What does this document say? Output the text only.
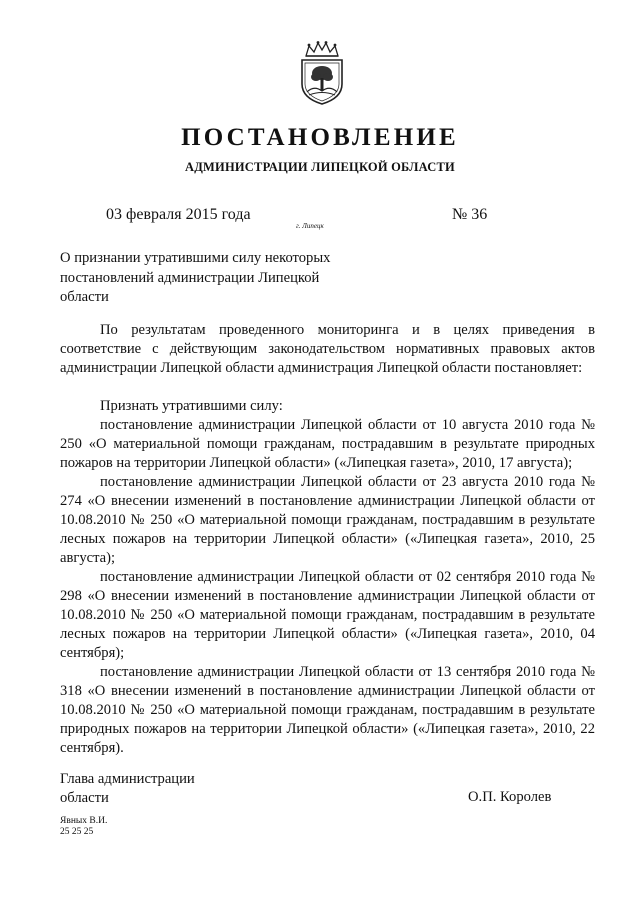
ПОСТАНОВЛЕНИЕ
АДМИНИСТРАЦИИ ЛИПЕЦКОЙ ОБЛАСТИ
03 февраля 2015 года
г. Липецк
№ 36
О признании утратившими силу некоторых
постановлений администрации Липецкой
области

По результатам проведенного мониторинга и в целях приведения в соответствие с действующим законодательством нормативных правовых актов администрации Липецкой области администрация Липецкой области постановляет:

Признать утратившими силу:

постановление администрации Липецкой области от 10 августа 2010 года № 250 «О материальной помощи гражданам, пострадавшим в результате природных пожаров на территории Липецкой области» («Липецкая газета», 2010, 17 августа);

постановление администрации Липецкой области от 23 августа 2010 года № 274 «О внесении изменений в постановление администрации Липецкой области от 10.08.2010 № 250 «О материальной помощи гражданам, пострадавшим в результате лесных пожаров на территории Липецкой области» («Липецкая газета», 2010, 25 августа);

постановление администрации Липецкой области от 02 сентября 2010 года № 298 «О внесении изменений в постановление администрации Липецкой области от 10.08.2010 № 250 «О материальной помощи гражданам, пострадавшим в результате лесных пожаров на территории Липецкой области» («Липецкая газета», 2010, 04 сентября);

постановление администрации Липецкой области от 13 сентября 2010 года № 318 «О внесении изменений в постановление администрации Липецкой области от 10.08.2010 № 250 «О материальной помощи гражданам, пострадавшим в результате природных пожаров на территории Липецкой области» («Липецкая газета», 2010, 22 сентября).

Глава администрации
области	О.П. Королев
Явных В.И.
25 25 25
